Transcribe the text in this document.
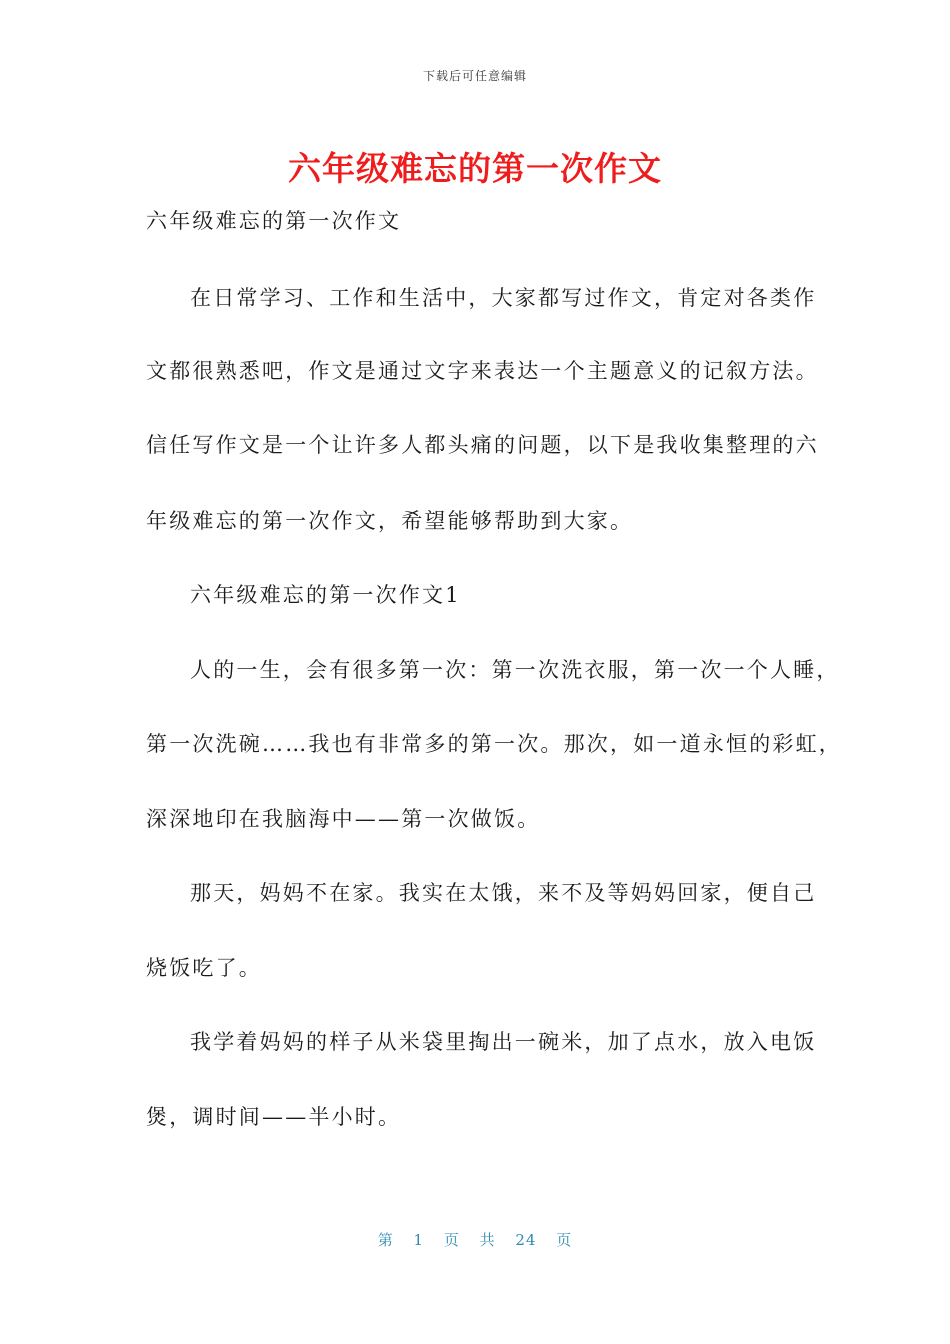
下载后可任意编辑
六年级难忘的第一次作文
六年级难忘的第一次作文
在日常学习、工作和生活中，大家都写过作文，肯定对各类作
文都很熟悉吧，作文是通过文字来表达一个主题意义的记叙方法。
信任写作文是一个让许多人都头痛的问题，以下是我收集整理的六
年级难忘的第一次作文，希望能够帮助到大家。
六年级难忘的第一次作文1
人的一生，会有很多第一次：第一次洗衣服，第一次一个人睡，
第一次洗碗……我也有非常多的第一次。那次，如一道永恒的彩虹，
深深地印在我脑海中——第一次做饭。
那天，妈妈不在家。我实在太饿，来不及等妈妈回家，便自己
烧饭吃了。
我学着妈妈的样子从米袋里掏出一碗米，加了点水，放入电饭
煲，调时间——半小时。
第 1 页 共 24 页
